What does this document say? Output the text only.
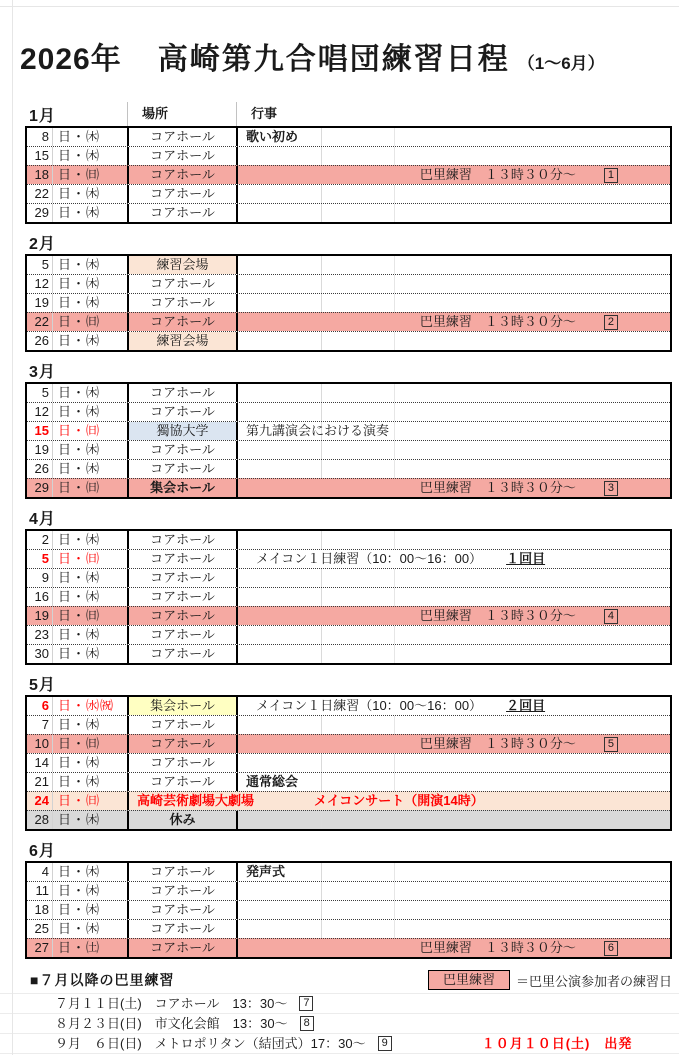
2026年 高崎第九合唱団練習日程 （1～6月）
1月	場所	行事
8 日・㈭	コアホール	歌い初め
15 日・㈭	コアホール
18 日・㈰	コアホール	巴里練習　１３時３０分～	1
22 日・㈭	コアホール
29 日・㈭	コアホール
2月
5 日・㈭	練習会場
12 日・㈭	コアホール
19 日・㈭	コアホール
22 日・㈰	コアホール	巴里練習　１３時３０分～	2
26 日・㈭	練習会場
3月
5 日・㈭	コアホール
12 日・㈭	コアホール
15 日・㈰	獨協大学	第九講演会における演奏
19 日・㈭	コアホール
26 日・㈭	コアホール
29 日・㈰	集会ホール	巴里練習　１３時３０分～	3
4月
2 日・㈭	コアホール
5 日・㈰	コアホール	メイコン１日練習（10：00～16：00） １回目
9 日・㈭	コアホール
16 日・㈭	コアホール
19 日・㈰	コアホール	巴里練習　１３時３０分～	4
23 日・㈭	コアホール
30 日・㈭	コアホール
5月
6 日・㈬㈷	集会ホール	メイコン１日練習（10：00～16：00） ２回目
7 日・㈭	コアホール
10 日・㈰	コアホール	巴里練習　１３時３０分～	5
14 日・㈭	コアホール
21 日・㈭	コアホール	通常総会
24 日・㈰	高崎芸術劇場大劇場	メイコンサート（開演14時）
28 日・㈭	休み
6月
4 日・㈭	コアホール	発声式
11 日・㈭	コアホール
18 日・㈭	コアホール
25 日・㈭	コアホール
27 日・㈯	コアホール	巴里練習　１３時３０分～	6
■７月以降の巴里練習	巴里練習	＝巴里公演参加者の練習日
７月１１日(土)　コアホール　13：30～	7
８月２３日(日)　市文化会館　13：30～	8
９月　６日(日)　メトロポリタン（結団式）17：30～	9	１０月１０日(土)　出発
